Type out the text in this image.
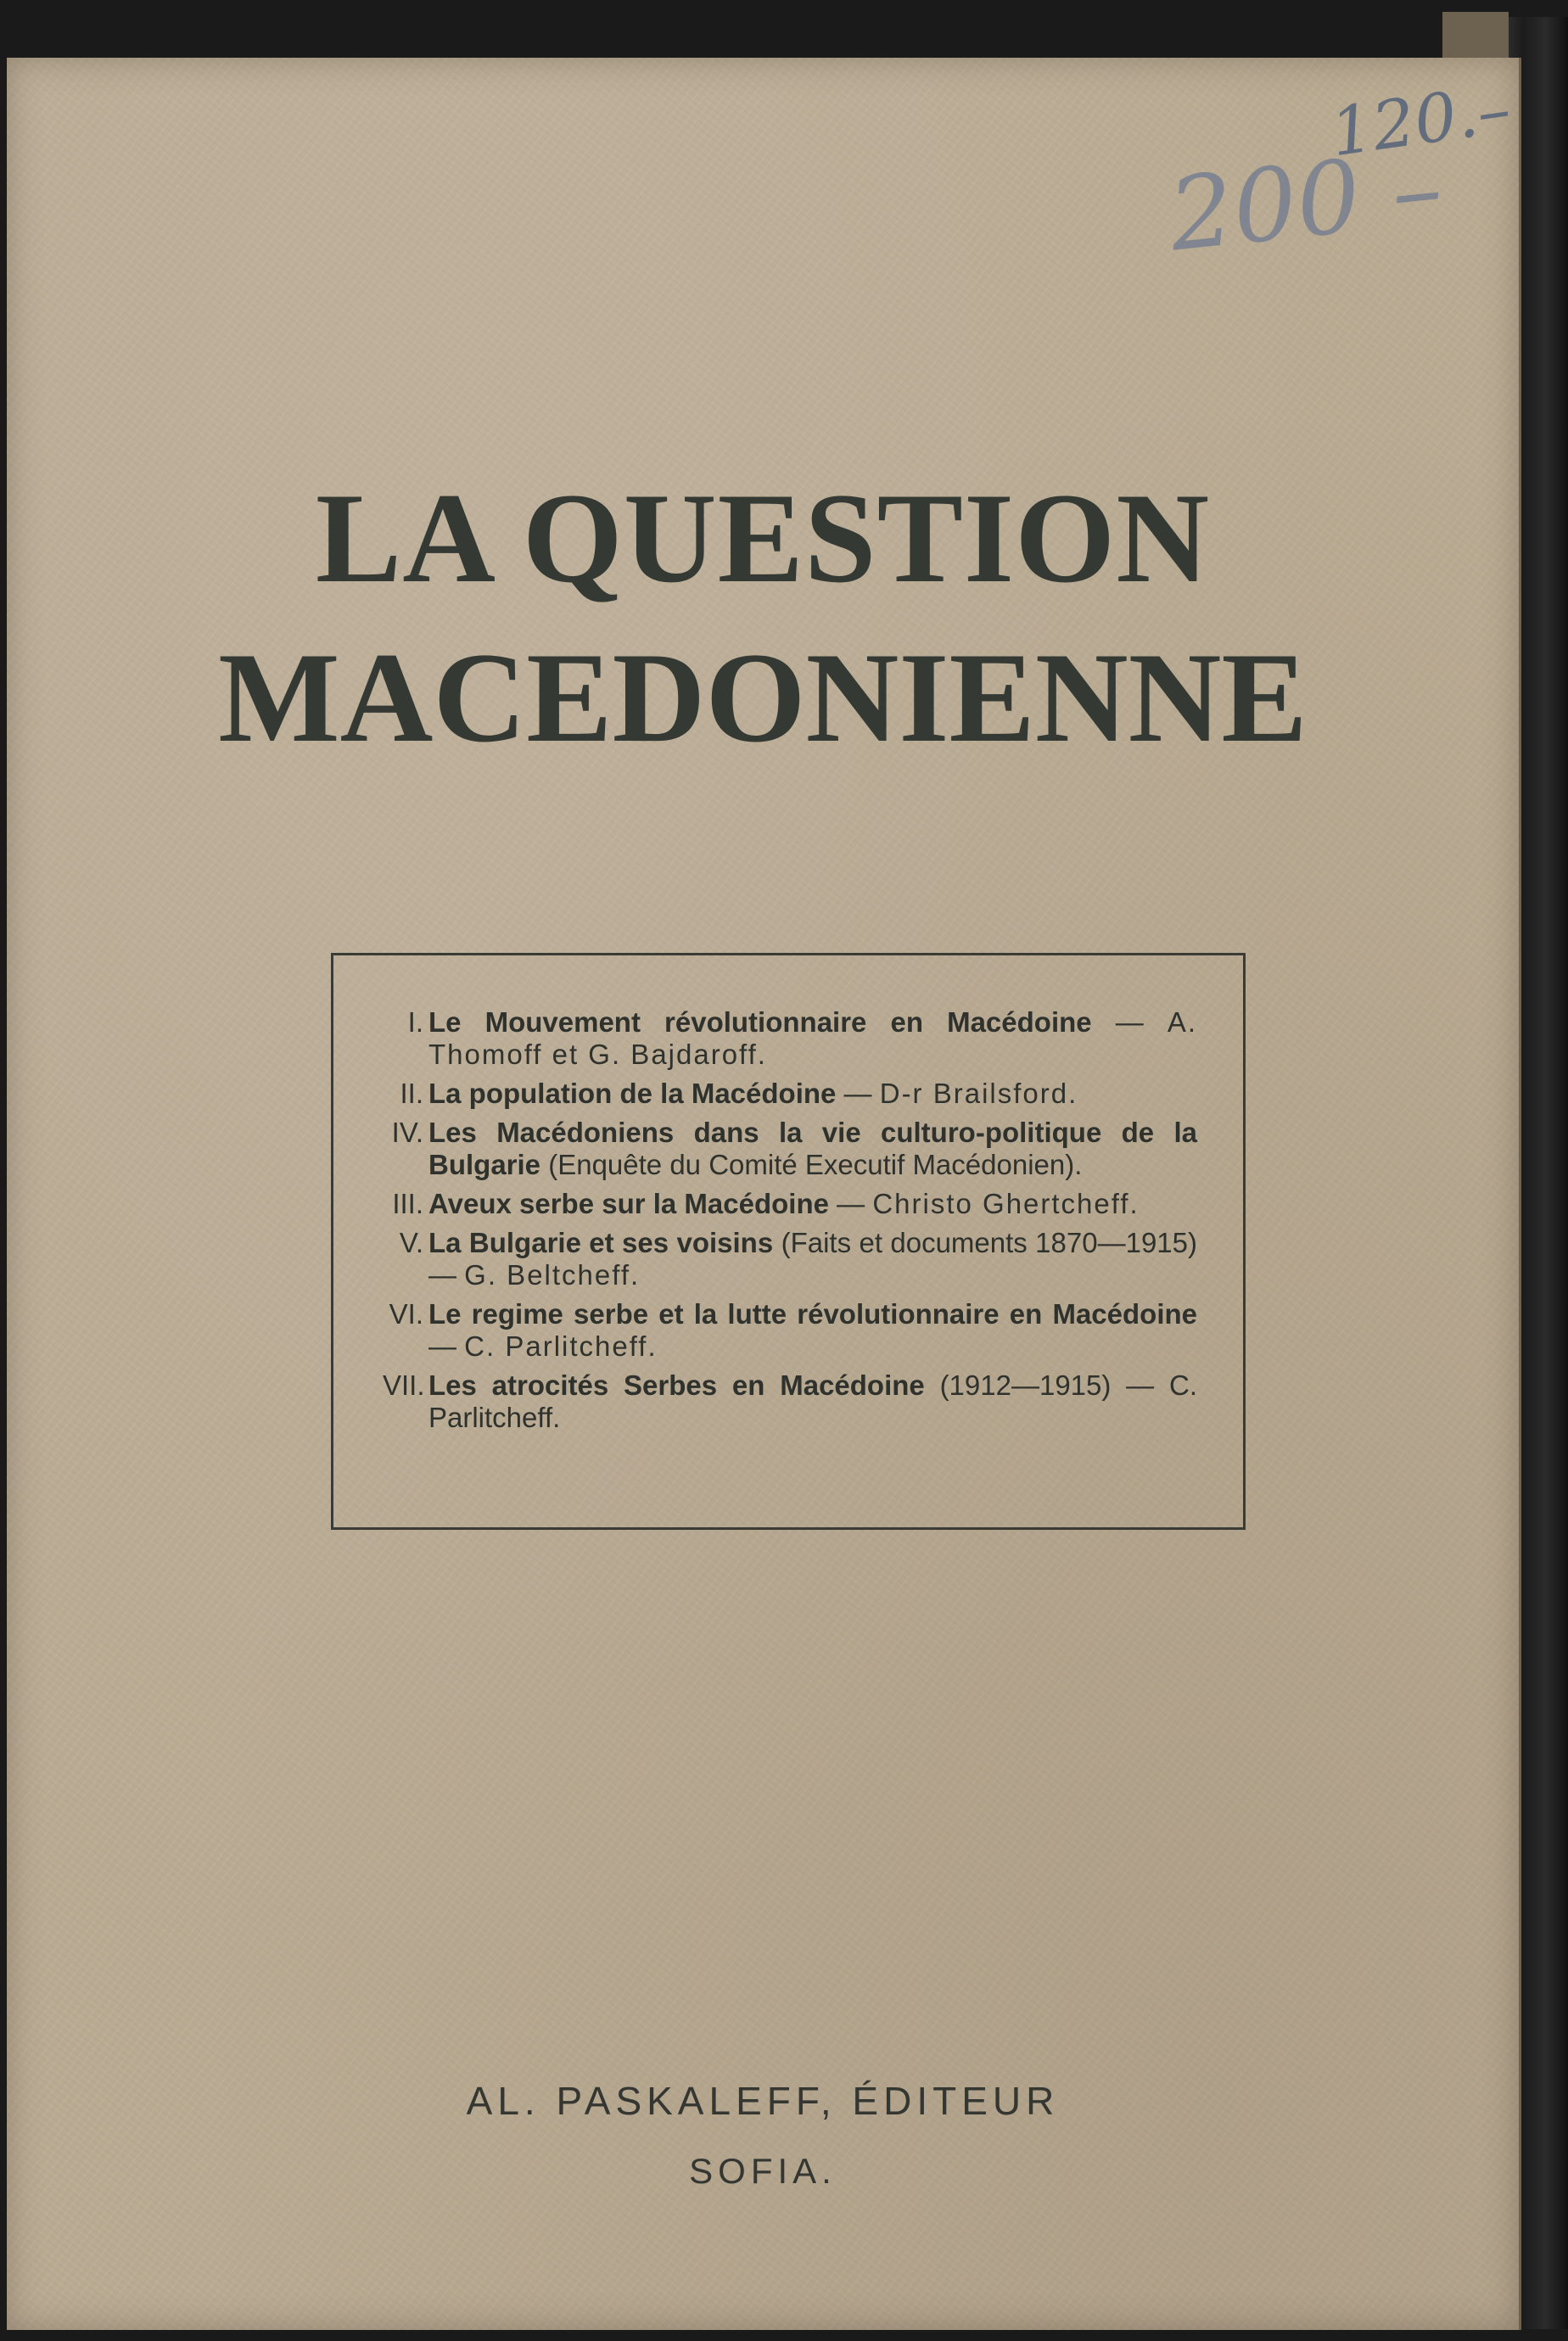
120.–
200 –
LA QUESTION
MACEDONIENNE
I. Le Mouvement révolutionnaire en Macédoine — A. Thomoff et G. Bajdaroff.
II. La population de la Macédoine — D-r Brailsford.
IV. Les Macédoniens dans la vie culturo-politique de la Bulgarie (Enquête du Comité Executif Macédonien).
III. Aveux serbe sur la Macédoine — Christo Ghertcheff.
V. La Bulgarie et ses voisins (Faits et documents 1870—1915) — G. Beltcheff.
VI. Le regime serbe et la lutte révolutionnaire en Macédoine — C. Parlitcheff.
VII. Les atrocités Serbes en Macédoine (1912—1915) — C. Parlitcheff.
AL. PASKALEFF, ÉDITEUR
SOFIA.
